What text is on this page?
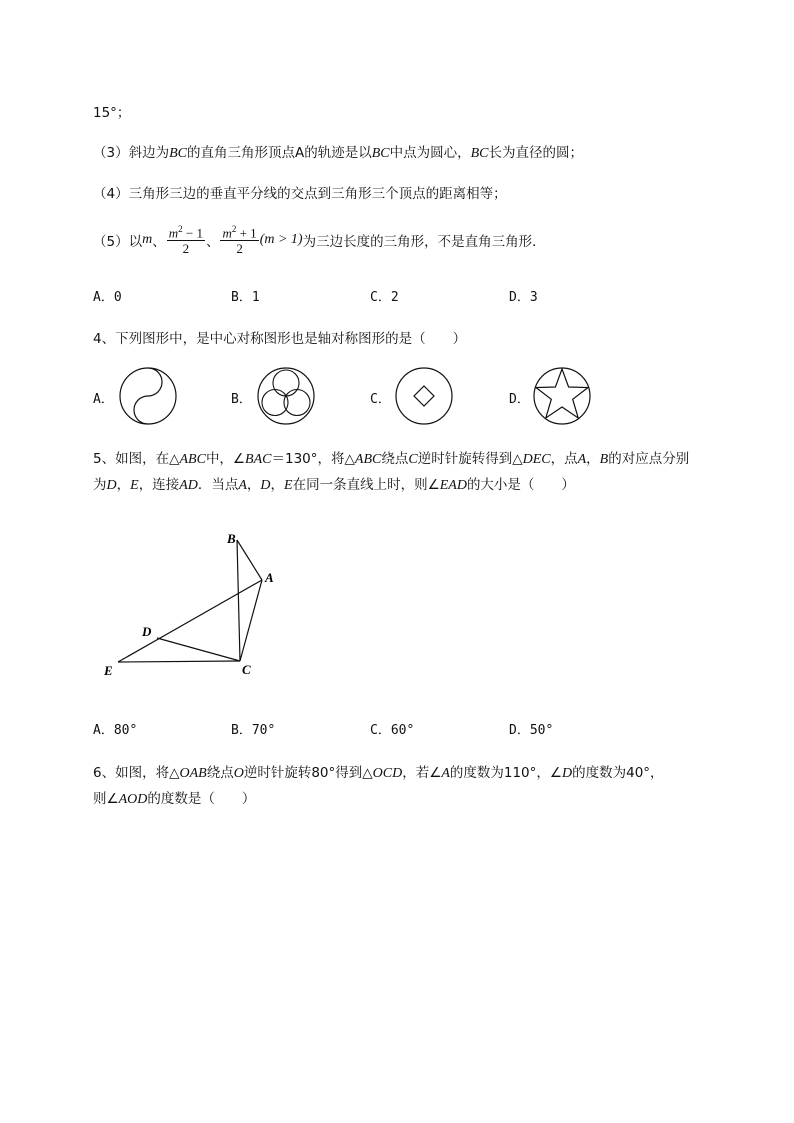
15°；
（3）斜边为BC的直角三角形顶点A的轨迹是以BC中点为圆心，BC长为直径的圆；
（4）三角形三边的垂直平分线的交点到三角形三个顶点的距离相等；
（5）以 m 、 $\frac{m^2 - 1}{2}$ 、 $\frac{m^2 + 1}{2} (m > 1)$ 为三边长度的三角形，不是直角三角形．
A．0	B．1	C．2	D．3
4、下列图形中，是中心对称图形也是轴对称图形的是（　　）
A．	B．	C．	D．
5、如图，在△ABC中，∠BAC＝130°，将△ABC绕点C逆时针旋转得到△DEC，点A，B的对应点分别
为D，E，连接AD．当点A，D，E在同一条直线上时，则∠EAD的大小是（　　）
B
A
D
E	C
A．80°	B．70°	C．60°	D．50°
6、如图，将△OAB绕点O逆时针旋转80°得到△OCD，若∠A的度数为110°，∠D的度数为40°，
则∠AOD的度数是（　　）
